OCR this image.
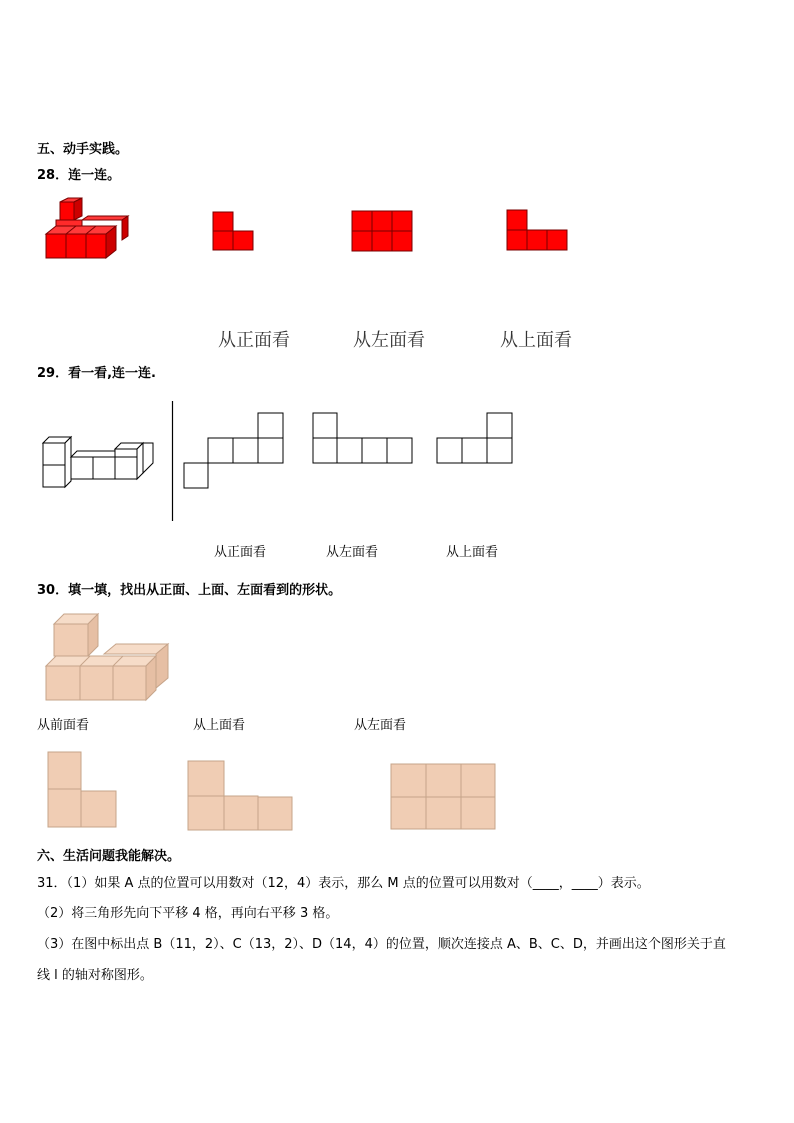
五、动手实践。
28．连一连。
从正面看	从左面看	从上面看
29．看一看,连一连.
从正面看	从左面看	从上面看
30．填一填，找出从正面、上面、左面看到的形状。
从前面看	从上面看	从左面看
六、生活问题我能解决。
31．（1）如果 A 点的位置可以用数对（12，4）表示，那么 M 点的位置可以用数对（____，____）表示。
（2）将三角形先向下平移 4 格，再向右平移 3 格。
（3）在图中标出点 B（11，2）、C（13，2）、D（14，4）的位置，顺次连接点 A、B、C、D，并画出这个图形关于直
线 l 的轴对称图形。
